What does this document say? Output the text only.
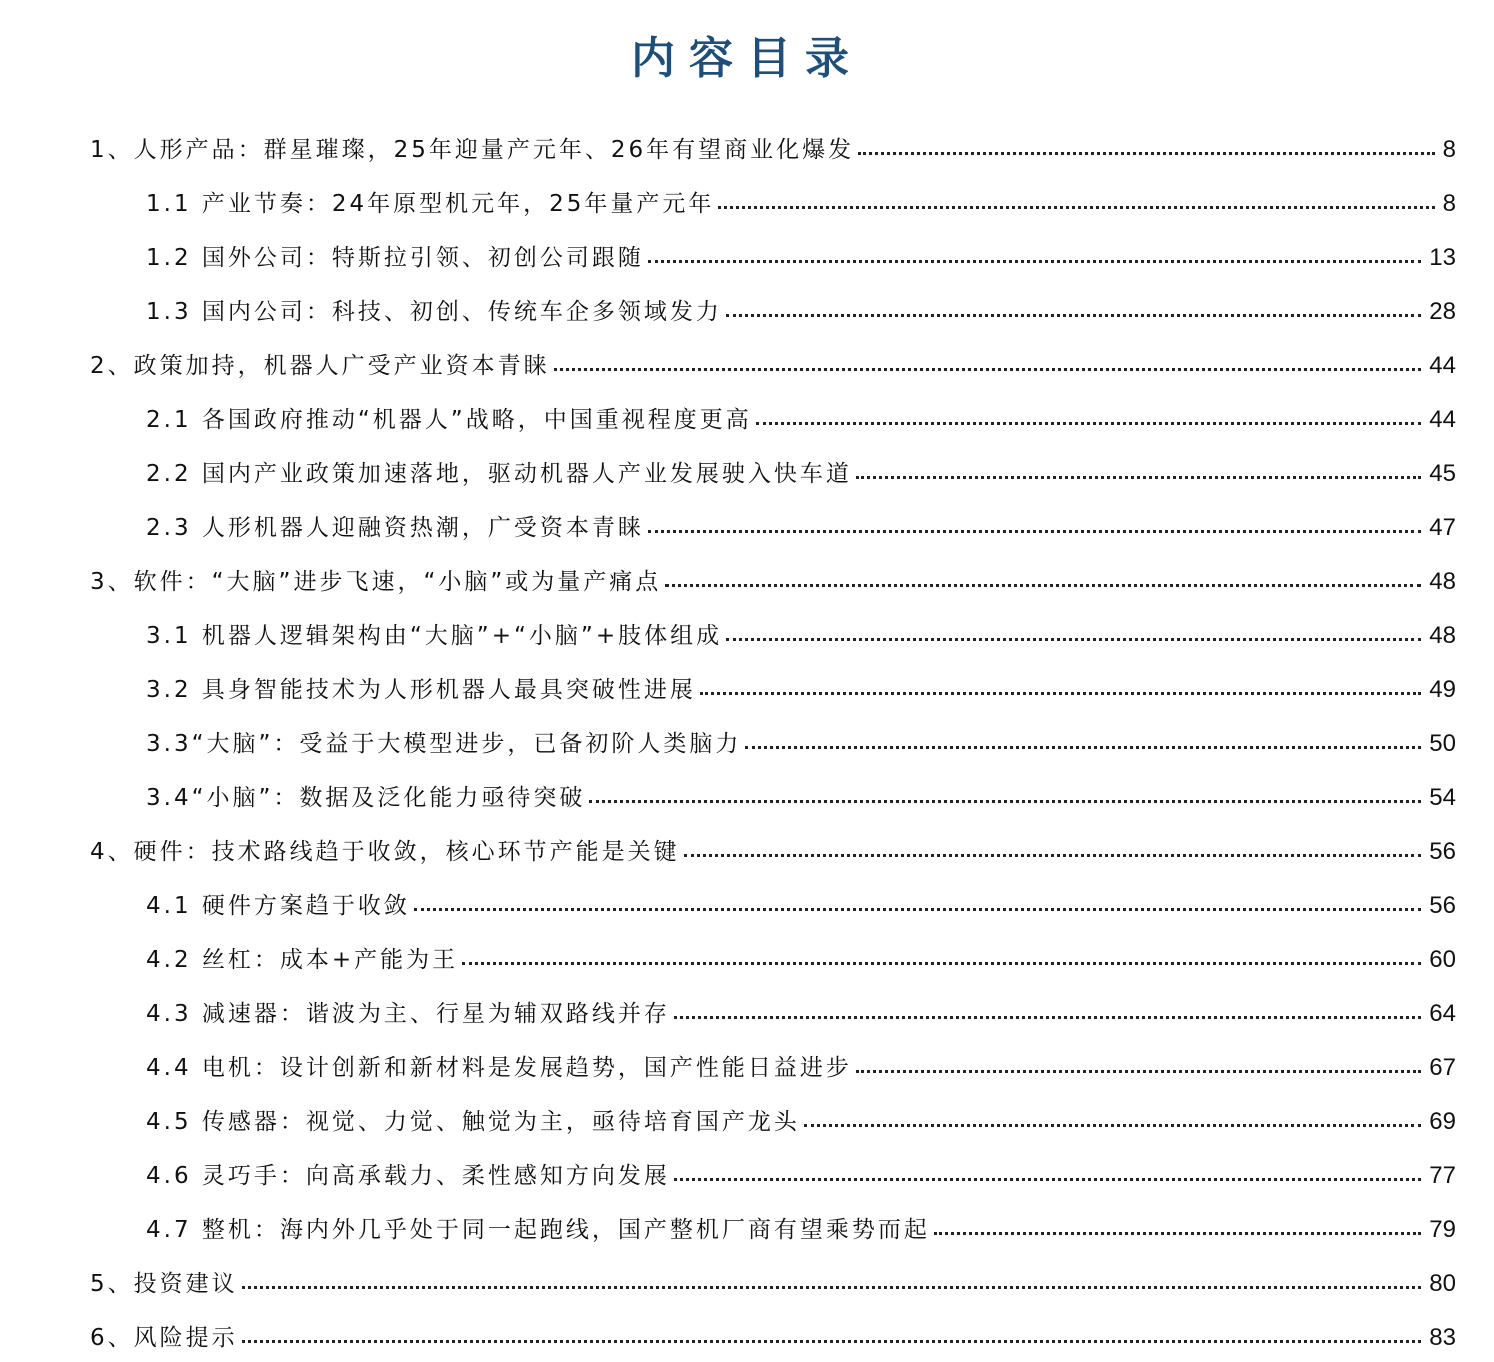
内容目录
1、人形产品：群星璀璨，25年迎量产元年、26年有望商业化爆发	8
1.1 产业节奏：24年原型机元年，25年量产元年	8
1.2 国外公司：特斯拉引领、初创公司跟随	13
1.3 国内公司：科技、初创、传统车企多领域发力	28
2、政策加持，机器人广受产业资本青睐	44
2.1 各国政府推动“机器人”战略，中国重视程度更高	44
2.2 国内产业政策加速落地，驱动机器人产业发展驶入快车道	45
2.3 人形机器人迎融资热潮，广受资本青睐	47
3、软件：“大脑”进步飞速，“小脑”或为量产痛点	48
3.1 机器人逻辑架构由“大脑”+“小脑”+肢体组成	48
3.2 具身智能技术为人形机器人最具突破性进展	49
3.3“大脑”：受益于大模型进步，已备初阶人类脑力	50
3.4“小脑”：数据及泛化能力亟待突破	54
4、硬件：技术路线趋于收敛，核心环节产能是关键	56
4.1 硬件方案趋于收敛	56
4.2 丝杠：成本+产能为王	60
4.3 减速器：谐波为主、行星为辅双路线并存	64
4.4 电机：设计创新和新材料是发展趋势，国产性能日益进步	67
4.5 传感器：视觉、力觉、触觉为主，亟待培育国产龙头	69
4.6 灵巧手：向高承载力、柔性感知方向发展	77
4.7 整机：海内外几乎处于同一起跑线，国产整机厂商有望乘势而起	79
5、投资建议	80
6、风险提示	83
